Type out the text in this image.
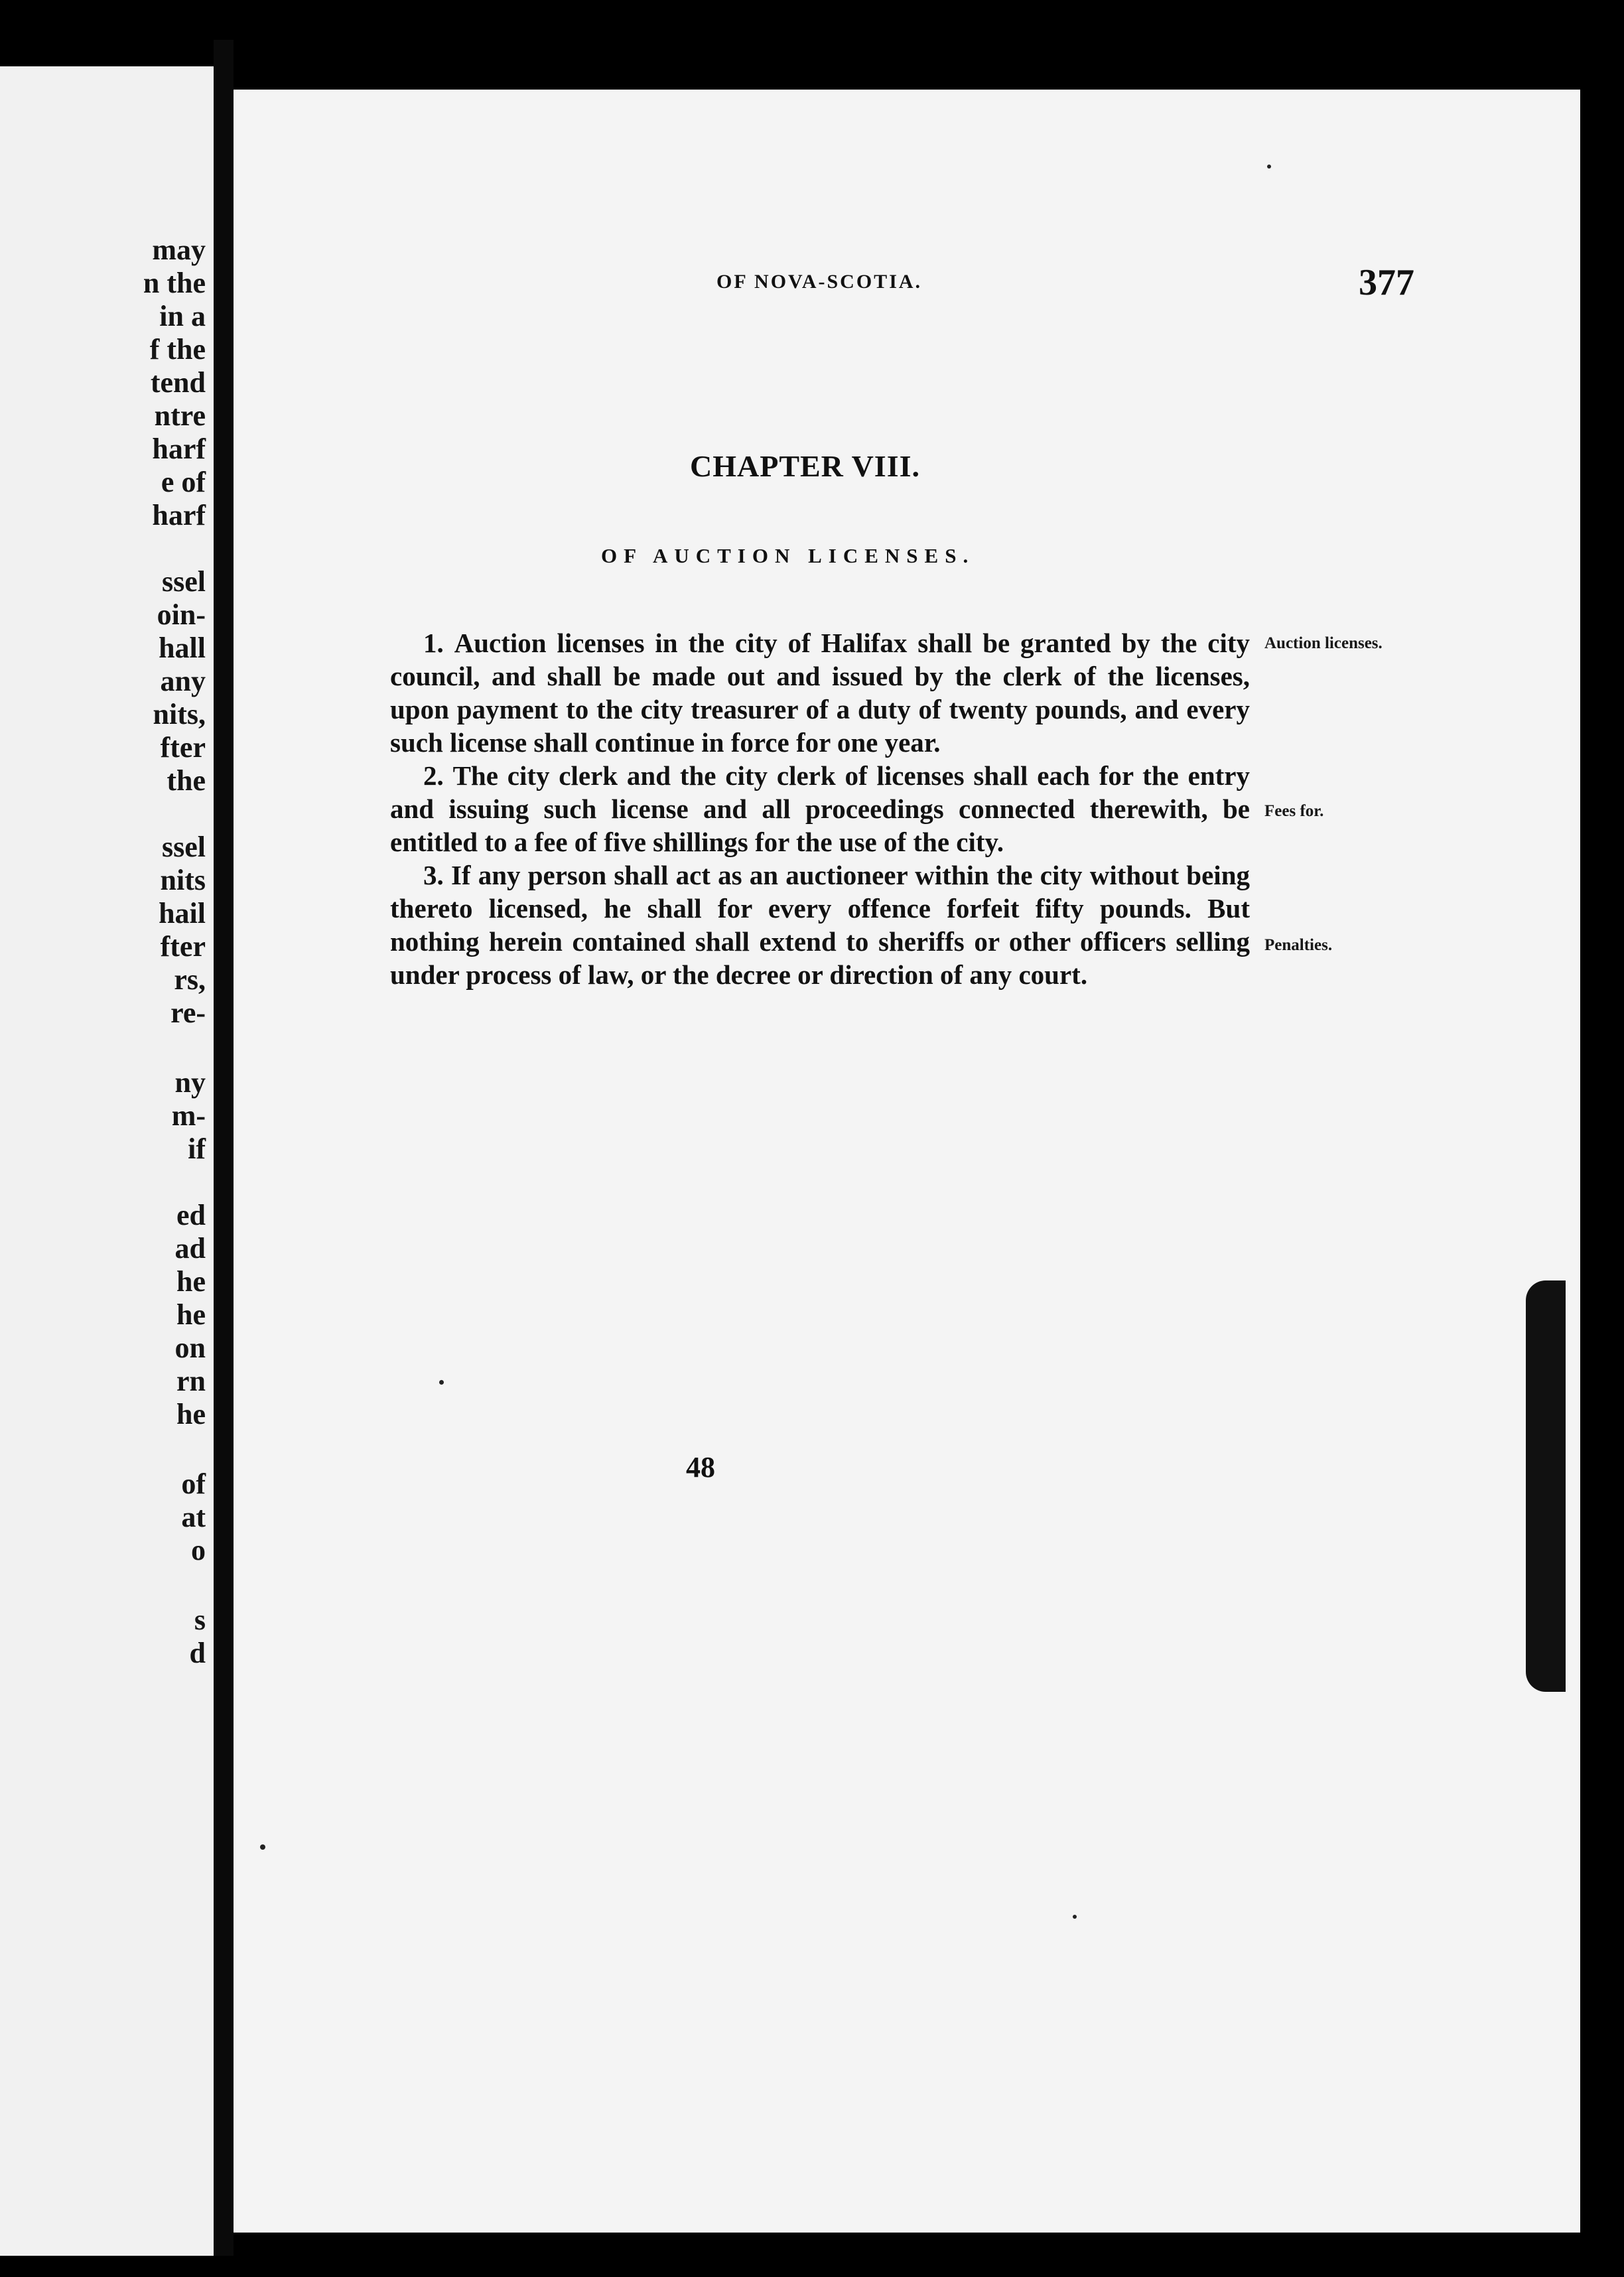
may
n the
in a
f the
tend
ntre
harf
e of
harf
ssel
oin-
hall
any
nits,
fter
the
ssel
nits
hail
fter
rs,
re-
ny
m-
if
ed
ad
he
he
on
rn
he
of
at
o
s
d
OF NOVA-SCOTIA.	377
CHAPTER VIII.
OF AUCTION LICENSES.

1. Auction licenses in the city of Halifax shall be granted by the city council, and shall be made out and issued by the clerk of the licenses, upon payment to the city treasurer of a duty of twenty pounds, and every such license shall continue in force for one year.

2. The city clerk and the city clerk of licenses shall each for the entry and issuing such license and all proceedings connected therewith, be entitled to a fee of five shillings for the use of the city.

3. If any person shall act as an auctioneer within the city without being thereto licensed, he shall for every offence forfeit fifty pounds. But nothing herein contained shall extend to sheriffs or other officers selling under process of law, or the decree or direction of any court.

Auction licenses.
Fees for.
Penalties.
48
